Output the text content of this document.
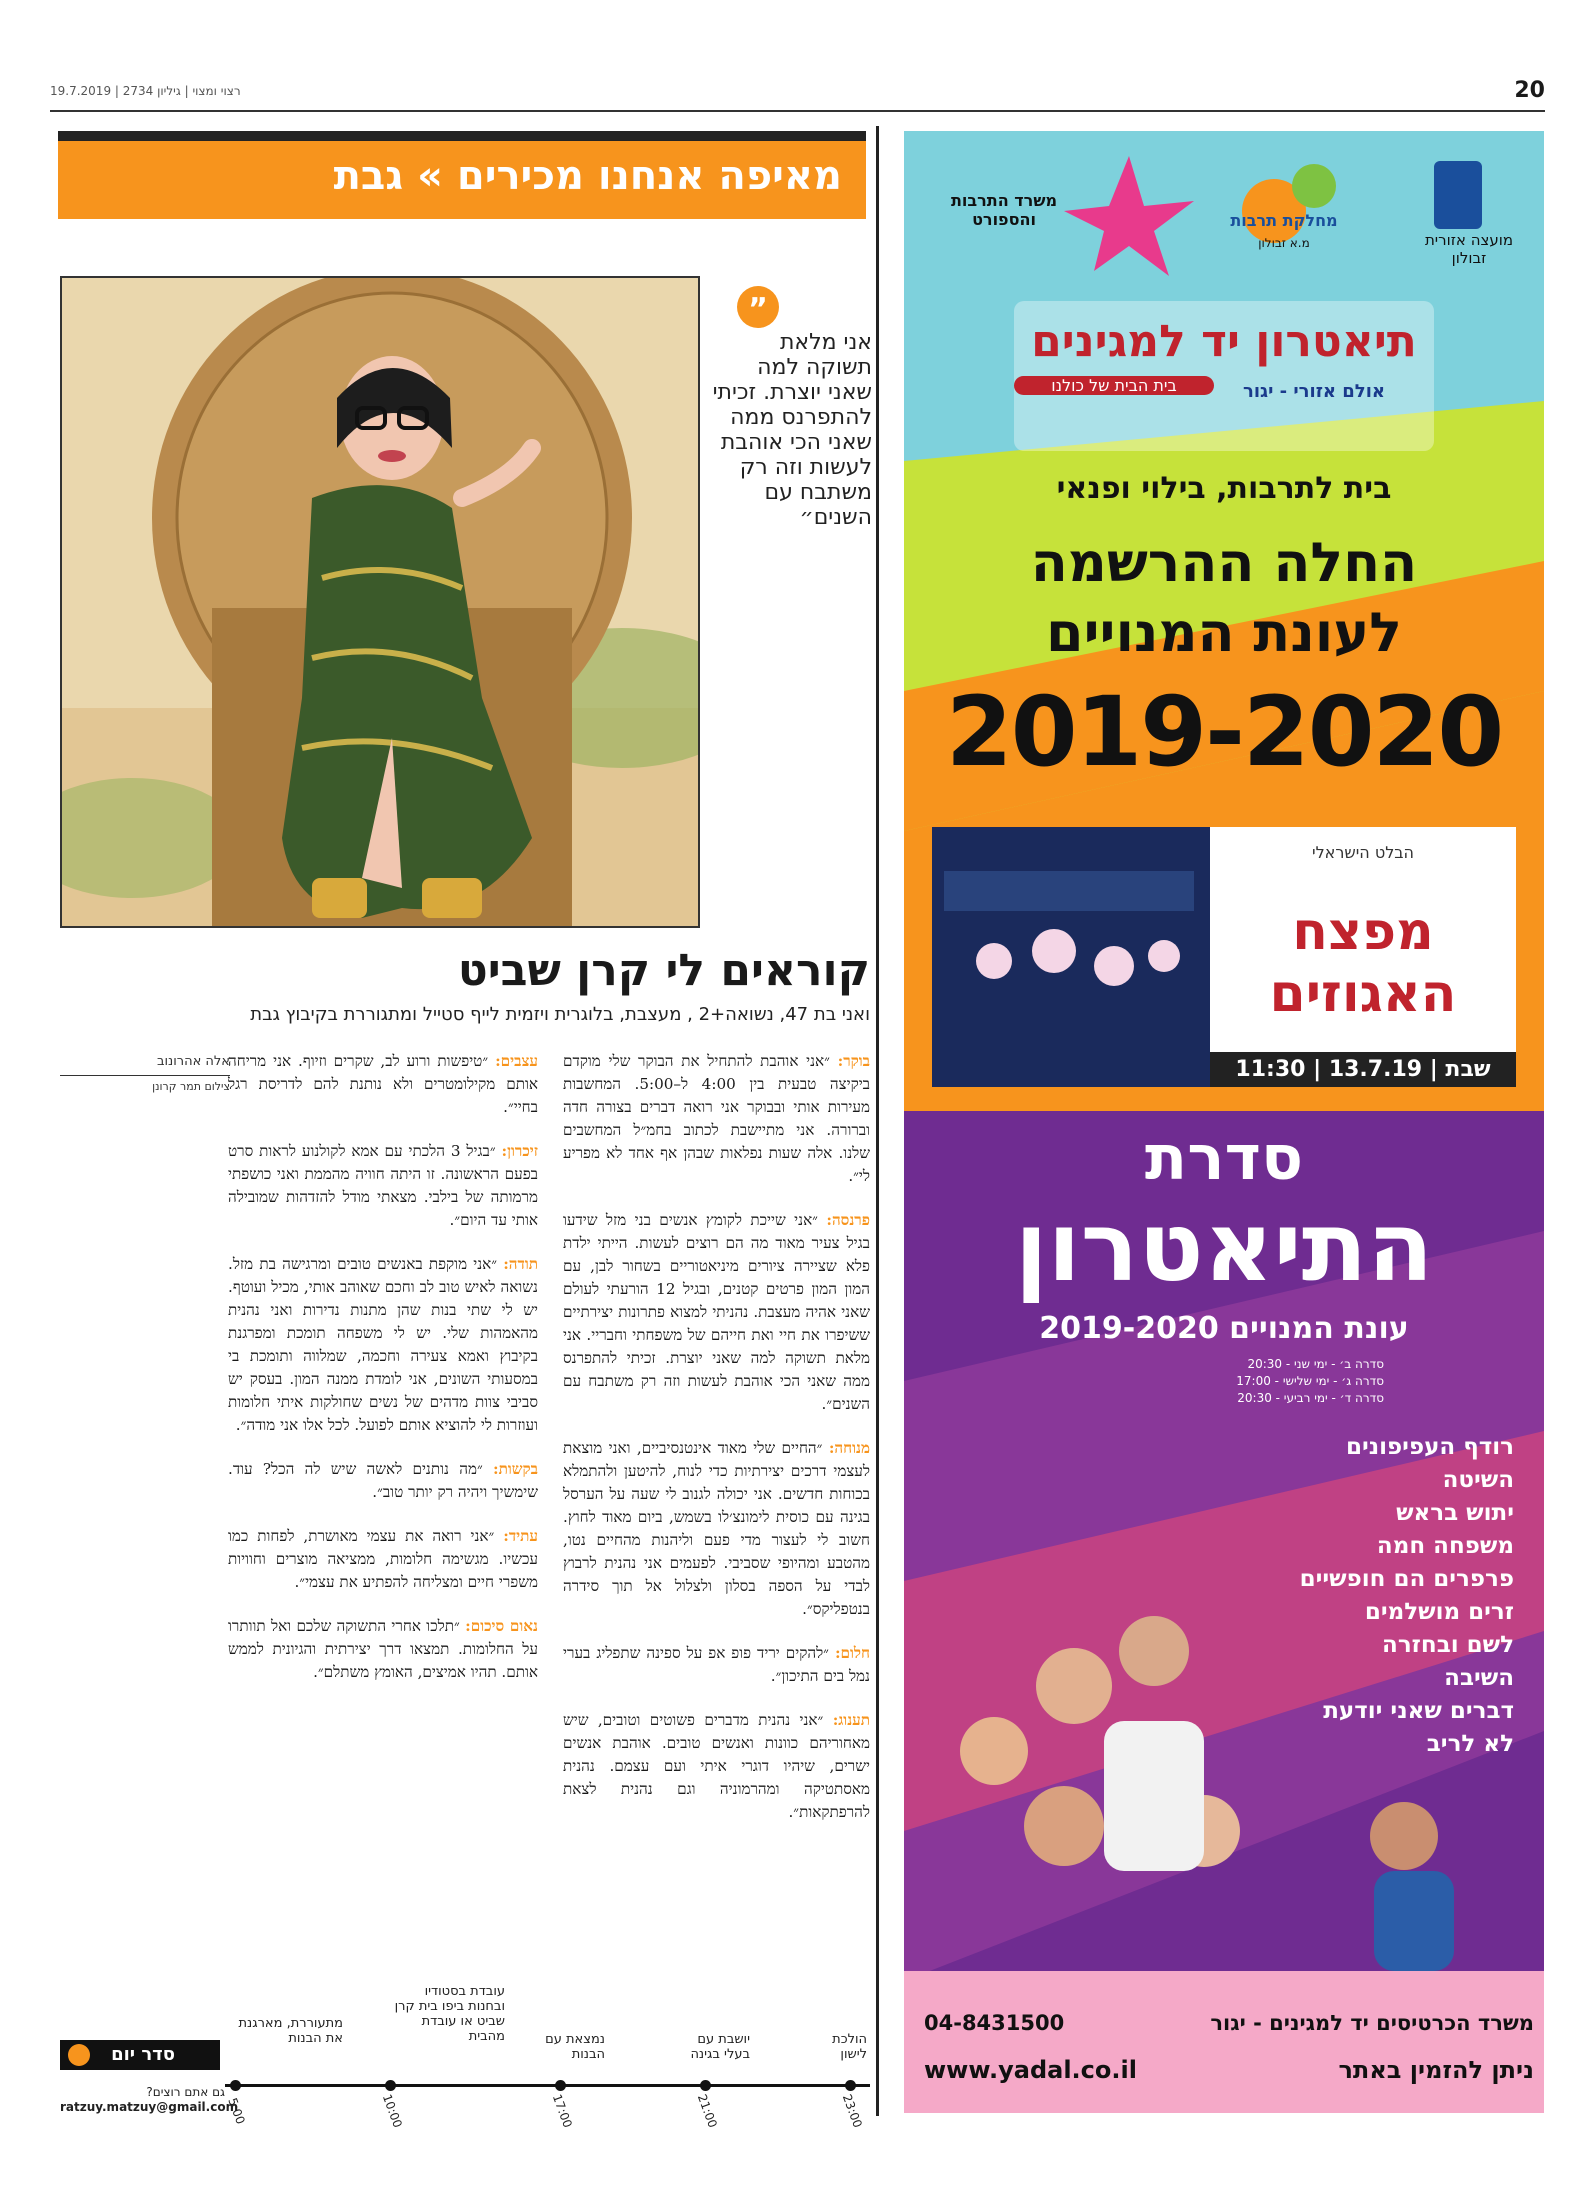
20
רצוי ומצוי | גיליון 2734 | 19.7.2019
מאיפה אנחנו מכירים » גבת
”
אני מלאת תשוקה למה שאני יוצרת. זכיתי להתפרנס ממה שאני הכי אוהבת לעשות וזה רק משתבח עם השנים״
קוראים לי קרן שביט
ואני בת 47, נשואה+2 , מעצבת, בלוגרית ויזמית לייף סטייל ומתגוררת בקיבוץ גבת
אלה אהרונוב
צילום תמר קרונן

בוקר: ״אני אוהבת להתחיל את הבוקר שלי מוקדם ביקיצה טבעית בין 4:00 ל–5:00. המחשבות מעירות אותי ובבוקר אני רואה דברים בצורה חדה וברורה. אני מתיישבת לכתוב בחמ״ל המחשבים שלנו. אלה שעות נפלאות שבהן אף אחד לא מפריע לי״.

פרנסה: ״אני שייכת לקומץ אנשים בני מזל שידעו בגיל צעיר מאוד מה הם רוצים לעשות. הייתי ילדת פלא שציירה ציורים מיניאטוריים בשחור לבן, עם המון המון פרטים קטנים, ובגיל 12 הורעתי לעולם שאני אהיה מעצבת. נהניתי למצוא פתרונות יצירתיים ששיפרו את חיי ואת חייהם של משפחתי וחבריי. אני מלאת תשוקה למה שאני יוצרת. זכיתי להתפרנס ממה שאני הכי אוהבת לעשות וזה רק משתבח עם השנים״.

מנוחה: ״החיים שלי מאוד אינטנסיביים, ואני מוצאת לעצמי דרכים יצירתיות כדי לנוח, להיטען ולהתמלא בכוחות חדשים. אני יכולה לגנוב לי שעה על הערסל בגינה עם כוסית לימונצ׳לו בשמש, ביום מאוד לחוץ. חשוב לי לעצור מדי פעם וליהנות מהחיים נטו, מהטבע ומהיופי שסביבי. לפעמים אני נהנית לרבוץ לבדי על הספה בסלון ולצלול אל תוך סידרה בנטפליקס״.

חלום: ״להקים יריד פופ אפ על ספינה שתפליג בערי נמל בים התיכון״.

תענוג: ״אני נהנית מדברים פשוטים וטובים, שיש מאחוריהם כוונות ואנשים טובים. אוהבת אנשים ישרים, שיהיו דוגרי איתי ועם עצמם. נהנית מאסתטיקה ומהרמוניה וגם נהנית לצאת להרפתקאות״.

עצבים: ״טיפשות ורוע לב, שקרים וזיוף. אני מריחה אותם מקילומטרים ולא נותנת להם לדריסת רגל בחיי״.

זיכרון: ״בגיל 3 הלכתי עם אמא לקולנוע לראות סרט בפעם הראשונה. זו היתה חוויה מהממת ואני כושפתי מרמותה של בילבי. מצאתי מודל להזדהות שמובילה אותי עד היום״.

תודה: ״אני מוקפת באנשים טובים ומרגישה בת מזל. נשואה לאיש טוב לב וחכם שאוהב אותי, מכיל ועוטף. יש לי שתי בנות שהן מתנות נדירות ואני נהנית מהאמהות שלי. יש לי משפחה תומכת ומפרגנת בקיבוץ ואמא צעירה וחכמה, שמלווה ותומכת בי במסעותי השונים, אני לומדת ממנה המון. בעסק יש סביבי צוות מדהים של נשים שחולקות איתי חלומות ועוזרות לי להוציא אותם לפועל. לכל אלו אני מודה״.

בקשות: ״מה נותנים לאשה שיש לה הכל? עוד. שימשיך ויהיה רק יותר טוב״.

עתיד: ״אני רואה את עצמי מאושרת, לפחות כמו עכשיו. מגשימה חלומות, ממציאה מוצרים וחוויות משפרי חיים ומצליחה להפתיע את עצמי״.

נאום סיכום: ״תלכו אחרי התשוקה שלכם ואל תוותרו על החלומות. תמצאו דרך יצירתית והגיונית לממש אותם. תהיו אמיצים, האומץ משתלם״.

סדר יום
גם אתם רוצים?
ratzuy.matzuy@gmail.com
הולכת לישון
יושבת עם בעלי בגינה
נמצאת עם הבנות
עובדת בסטודיו ובחנות ביפו בית קרן שביט או עובדת מהבית
מתעוררת, מארגנת את הבנות
23:00
21:00
17:00
10:00
5:00
מועצה אזורית זבולון
מחלקת תרבות
מ.א זבולון
משרד התרבות והספורט
תיאטרון יד למגינים
בית הבית של כולנו	אולם אזורי - יגור
בית לתרבות, בילוי ופנאי
החלה ההרשמה
לעונת המנויים
2019-2020
הבלט הישראלי
מפצח האגוזים
שבת | 13.7.19 | 11:30
סדרת
התיאטרון
עונת המנויים 2019-2020
סדרה ב׳ - ימי שני - 20:30
סדרה ג׳ - ימי שלישי - 17:00
סדרה ד׳ - ימי רביעי - 20:30
רודף העפיפונים
השיטה
יתוש בראש
משפחה חמה
פרפרים הם חופשיים
זרים מושלמים
לשם ובחזרה
השיבה
דברים שאני יודעת
לא לריב
משרד הכרטיסים יד למגינים - יגור
04-8431500
ניתן להזמין באתר
www.yadal.co.il
